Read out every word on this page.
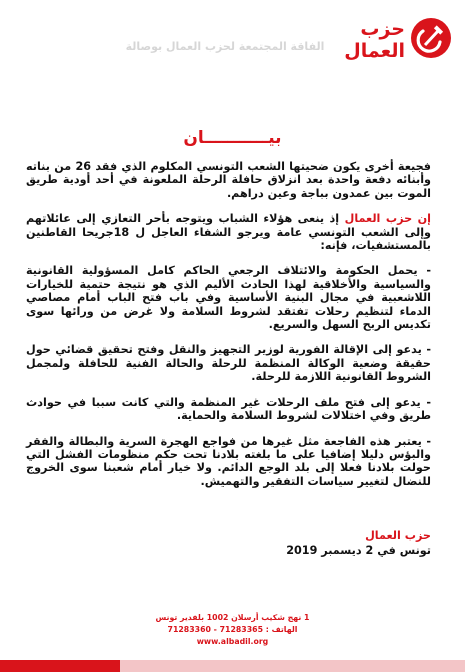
حزب العمال
الفاقة المجتمعة لحزب العمال بوصالة
بيـــــــــــان

فجيعة أخرى يكون ضحيتها الشعب التونسي المكلوم الذي فقد 26 من بناته وأبنائه دفعة واحدة بعد انزلاق حافلة الرحلة الملعونة في أحد أودية طريق الموت بين عمدون بباجة وعين دراهم.

إن حزب العمال إذ ينعى هؤلاء الشباب ويتوجه بأحر التعازي إلى عائلاتهم وإلى الشعب التونسي عامة ويرجو الشفاء العاجل ل 18جريحا القاطنين بالمستشفيات، فإنه:

- يحمل الحكومة والائتلاف الرجعي الحاكم كامل المسؤولية القانونية والسياسية والأخلاقية لهذا الحادث الأليم الذي هو نتيجة حتمية للخيارات اللاشعبية في مجال البنية الأساسية وفي باب فتح الباب أمام مصاصي الدماء لتنظيم رحلات تفتقد لشروط السلامة ولا غرض من ورائها سوى تكديس الربح السهل والسريع.

- يدعو إلى الإقالة الفورية لوزير التجهيز والنقل وفتح تحقيق قضائي حول حقيقة وضعية الوكالة المنظمة للرحلة والحالة الفنية للحافلة ولمجمل الشروط القانونية اللازمة للرحلة.

- يدعو إلى فتح ملف الرحلات غير المنظمة والتي كانت سببا في حوادث طريق وفي اختلالات لشروط السلامة والحماية.

- يعتبر هذه الفاجعة مثل غيرها من فواجع الهجرة السرية والبطالة والفقر والبؤس دليلا إضافيا على ما بلغته بلادنا تحت حكم منظومات الفشل التي حولت بلادنا فعلا إلى بلد الوجع الدائم. ولا خيار أمام شعبنا سوى الخروج للنضال لتغيير سياسات التفقير والتهميش.

حزب العمال
تونس في 2 ديسمبر 2019
1 نهج شكيب أرسلان 1002 بلفدير تونس
الهاتف : 71283365 - 71283360
www.albadil.org
